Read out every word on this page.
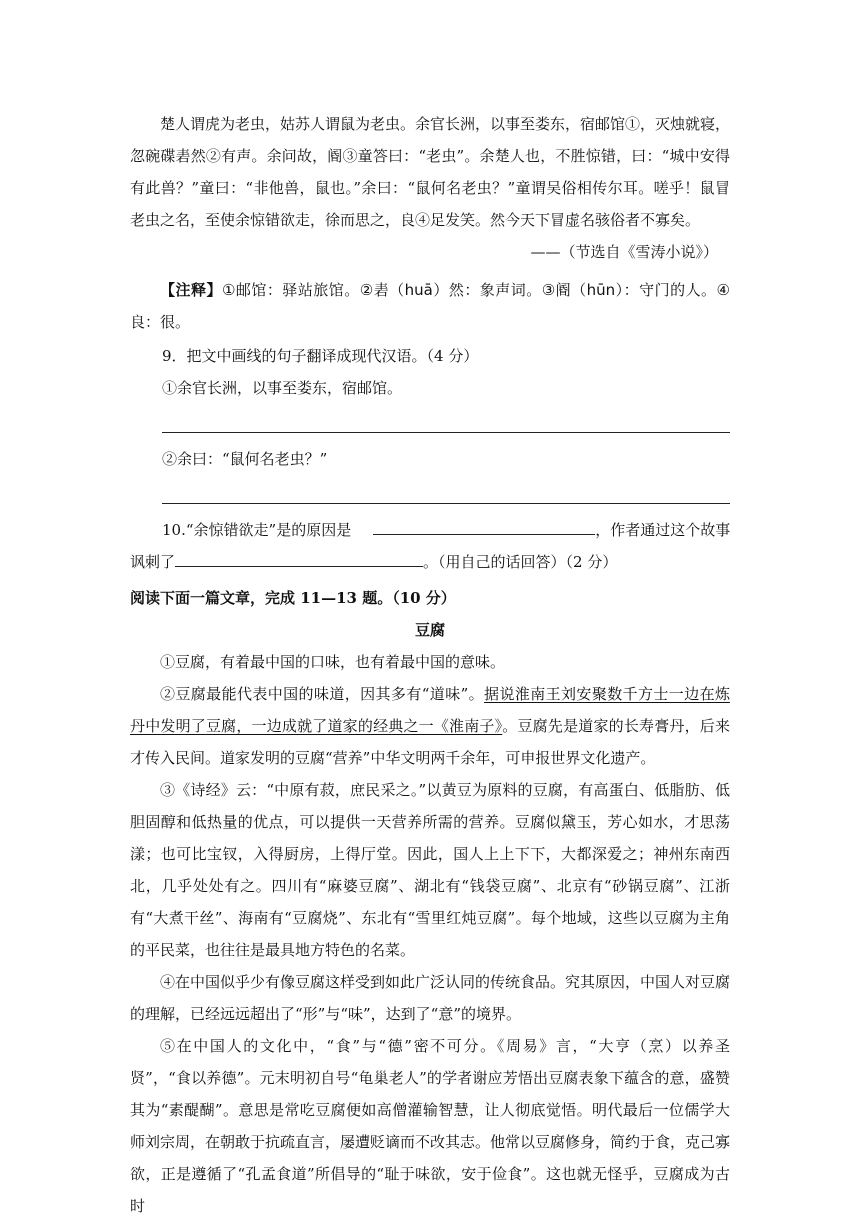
楚人谓虎为老虫，姑苏人谓鼠为老虫。余官长洲，以事至娄东，宿邮馆①，灭烛就寝，忽碗碟砉然②有声。余问故，阍③童答曰：“老虫”。余楚人也，不胜惊错，曰：“城中安得有此兽？”童曰：“非他兽，鼠也。”余曰：“鼠何名老虫？”童谓吴俗相传尔耳。嗟乎！鼠冒老虫之名，至使余惊错欲走，徐而思之，良④足发笑。然今天下冒虚名骇俗者不寡矣。

——（节选自《雪涛小说》）

【注释】①邮馆：驿站旅馆。②砉（huā）然：象声词。③阍（hūn）：守门的人。④良：很。

9．把文中画线的句子翻译成现代汉语。（4 分）

①余官长洲，以事至娄东，宿邮馆。

②余曰：“鼠何名老虫？”

10.“余惊错欲走”是的原因是	，作者通过这个故事

讽刺了	。（用自己的话回答）（2 分）

阅读下面一篇文章，完成 11—13 题。（10 分）

豆腐

①豆腐，有着最中国的口味，也有着最中国的意味。

②豆腐最能代表中国的味道，因其多有“道味”。据说淮南王刘安聚数千方士一边在炼丹中发明了豆腐，一边成就了道家的经典之一《淮南子》。豆腐先是道家的长寿膏丹，后来才传入民间。道家发明的豆腐“营养”中华文明两千余年，可申报世界文化遗产。

③《诗经》云：“中原有菽，庶民采之。”以黄豆为原料的豆腐，有高蛋白、低脂肪、低胆固醇和低热量的优点，可以提供一天营养所需的营养。豆腐似黛玉，芳心如水，才思荡漾；也可比宝钗，入得厨房，上得厅堂。因此，国人上上下下，大都深爱之；神州东南西北，几乎处处有之。四川有“麻婆豆腐”、湖北有“钱袋豆腐”、北京有“砂锅豆腐”、江浙有“大煮干丝”、海南有“豆腐烧”、东北有“雪里红炖豆腐”。每个地域，这些以豆腐为主角的平民菜，也往往是最具地方特色的名菜。

④在中国似乎少有像豆腐这样受到如此广泛认同的传统食品。究其原因，中国人对豆腐的理解，已经远远超出了“形”与“味”，达到了“意”的境界。

⑤在中国人的文化中，“食”与“德”密不可分。《周易》言，“大亨（烹）以养圣贤”，“食以养德”。元末明初自号“龟巢老人”的学者谢应芳悟出豆腐表象下蕴含的意，盛赞其为“素醍醐”。意思是常吃豆腐便如高僧灌输智慧，让人彻底觉悟。明代最后一位儒学大师刘宗周，在朝敢于抗疏直言，屡遭贬谪而不改其志。他常以豆腐修身，简约于食，克己寡欲，正是遵循了“孔孟食道”所倡导的“耻于味欲，安于俭食”。这也就无怪乎，豆腐成为古时
